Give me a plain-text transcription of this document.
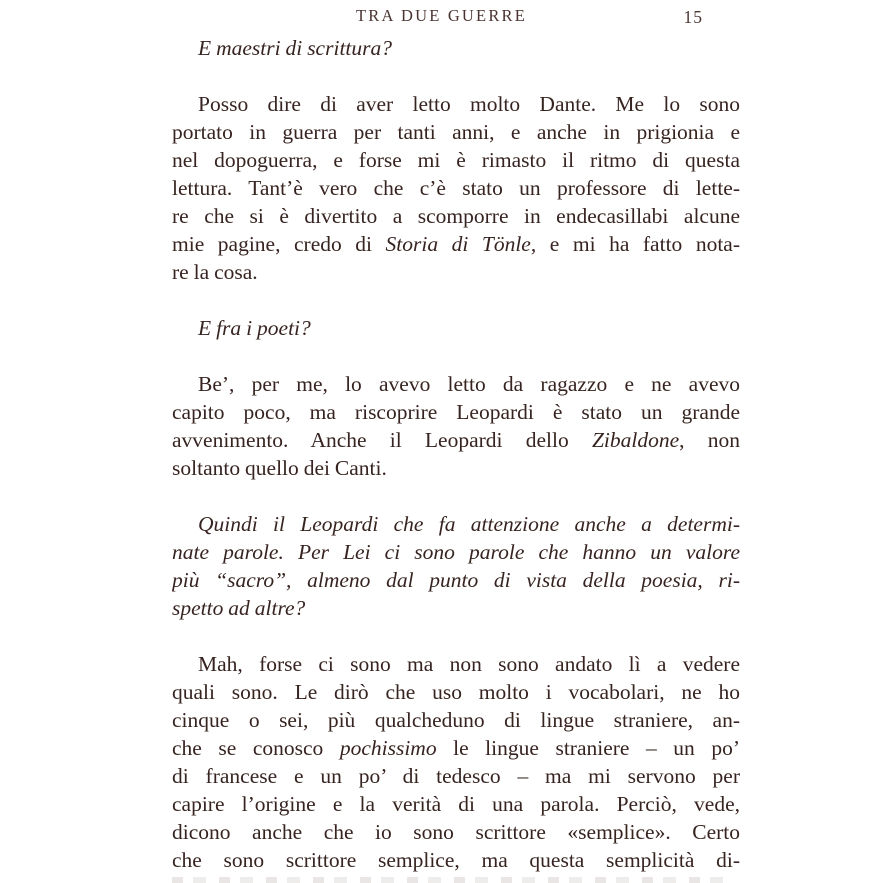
TRA DUE GUERRE	15
E maestri di scrittura?
Posso dire di aver letto molto Dante. Me lo sono
portato in guerra per tanti anni, e anche in prigionia e
nel dopoguerra, e forse mi è rimasto il ritmo di questa
lettura. Tant’è vero che c’è stato un professore di lette-
re che si è divertito a scomporre in endecasillabi alcune
mie pagine, credo di Storia di Tönle, e mi ha fatto nota-
re la cosa.
E fra i poeti?
Be’, per me, lo avevo letto da ragazzo e ne avevo
capito poco, ma riscoprire Leopardi è stato un grande
avvenimento. Anche il Leopardi dello Zibaldone, non
soltanto quello dei Canti.
Quindi il Leopardi che fa attenzione anche a determi-
nate parole. Per Lei ci sono parole che hanno un valore
più “sacro”, almeno dal punto di vista della poesia, ri-
spetto ad altre?
Mah, forse ci sono ma non sono andato lì a vedere
quali sono. Le dirò che uso molto i vocabolari, ne ho
cinque o sei, più qualcheduno di lingue straniere, an-
che se conosco pochissimo le lingue straniere – un po’
di francese e un po’ di tedesco – ma mi servono per
capire l’origine e la verità di una parola. Perciò, vede,
dicono anche che io sono scrittore «semplice». Certo
che sono scrittore semplice, ma questa semplicità di-
